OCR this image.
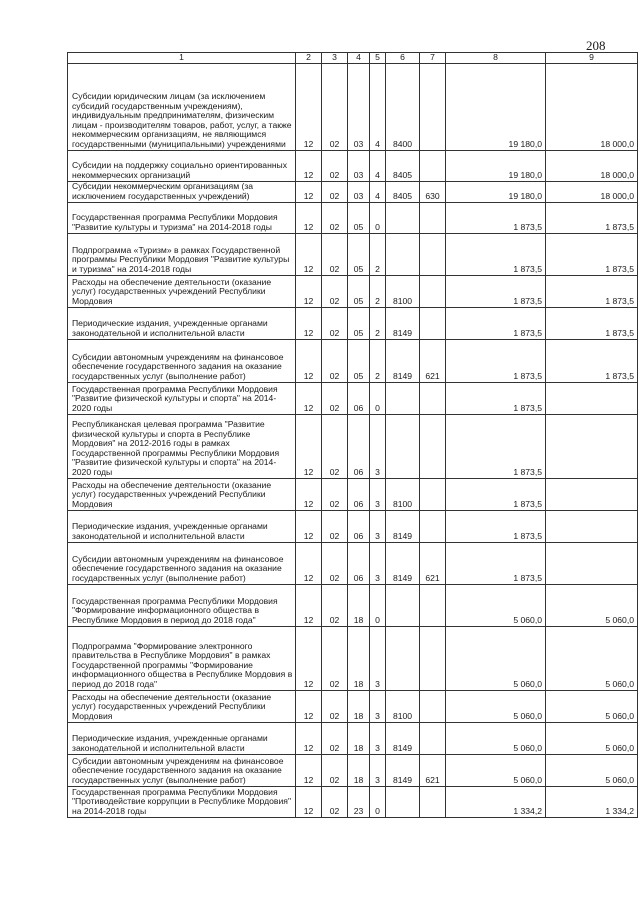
208
1	2	3	4	5	6	7	8	9
Субсидии юридическим лицам (за исключением субсидий государственным учреждениям), индивидуальным предпринимателям, физическим лицам - производителям товаров, работ, услуг, а также некоммерческим организациям, не являющимся государственными (муниципальными) учреждениями	12	02	03	4	8400		19 180,0	18 000,0
Субсидии на поддержку социально ориентированных некоммерческих организаций	12	02	03	4	8405		19 180,0	18 000,0
Субсидии некоммерческим организациям (за исключением государственных учреждений)	12	02	03	4	8405	630	19 180,0	18 000,0
Государственная программа Республики Мордовия "Развитие культуры и туризма" на 2014-2018 годы	12	02	05	0			1 873,5	1 873,5
Подпрограмма «Туризм» в рамках Государственной программы Республики Мордовия "Развитие культуры и туризма" на 2014-2018 годы	12	02	05	2			1 873,5	1 873,5
Расходы на обеспечение деятельности (оказание услуг) государственных учреждений Республики Мордовия	12	02	05	2	8100		1 873,5	1 873,5
Периодические издания, учрежденные органами законодательной и исполнительной власти	12	02	05	2	8149		1 873,5	1 873,5
Субсидии автономным учреждениям на финансовое обеспечение государственного задания на оказание государственных услуг (выполнение работ)	12	02	05	2	8149	621	1 873,5	1 873,5
Государственная программа Республики Мордовия "Развитие физической культуры и спорта" на 2014-2020 годы	12	02	06	0			1 873,5	
Республиканская целевая программа "Развитие физической культуры и спорта в Республике Мордовия" на 2012-2016 годы в рамках Государственной программы Республики Мордовия "Развитие физической культуры и спорта" на 2014-2020 годы	12	02	06	3			1 873,5	
Расходы на обеспечение деятельности (оказание услуг) государственных учреждений Республики Мордовия	12	02	06	3	8100		1 873,5	
Периодические издания, учрежденные органами законодательной и исполнительной власти	12	02	06	3	8149		1 873,5	
Субсидии автономным учреждениям на финансовое обеспечение государственного задания на оказание государственных услуг (выполнение работ)	12	02	06	3	8149	621	1 873,5	
Государственная программа Республики Мордовия "Формирование информационного общества в Республике Мордовия в период до 2018 года"	12	02	18	0			5 060,0	5 060,0
Подпрограмма "Формирование электронного правительства в Республике Мордовия" в рамках Государственной программы "Формирование информационного общества в Республике Мордовия в период до 2018 года"	12	02	18	3			5 060,0	5 060,0
Расходы на обеспечение деятельности (оказание услуг) государственных учреждений Республики Мордовия	12	02	18	3	8100		5 060,0	5 060,0
Периодические издания, учрежденные органами законодательной и исполнительной власти	12	02	18	3	8149		5 060,0	5 060,0
Субсидии автономным учреждениям на финансовое обеспечение государственного задания на оказание государственных услуг (выполнение работ)	12	02	18	3	8149	621	5 060,0	5 060,0
Государственная программа Республики Мордовия "Противодействие коррупции в Республике Мордовия" на 2014-2018 годы	12	02	23	0			1 334,2	1 334,2
